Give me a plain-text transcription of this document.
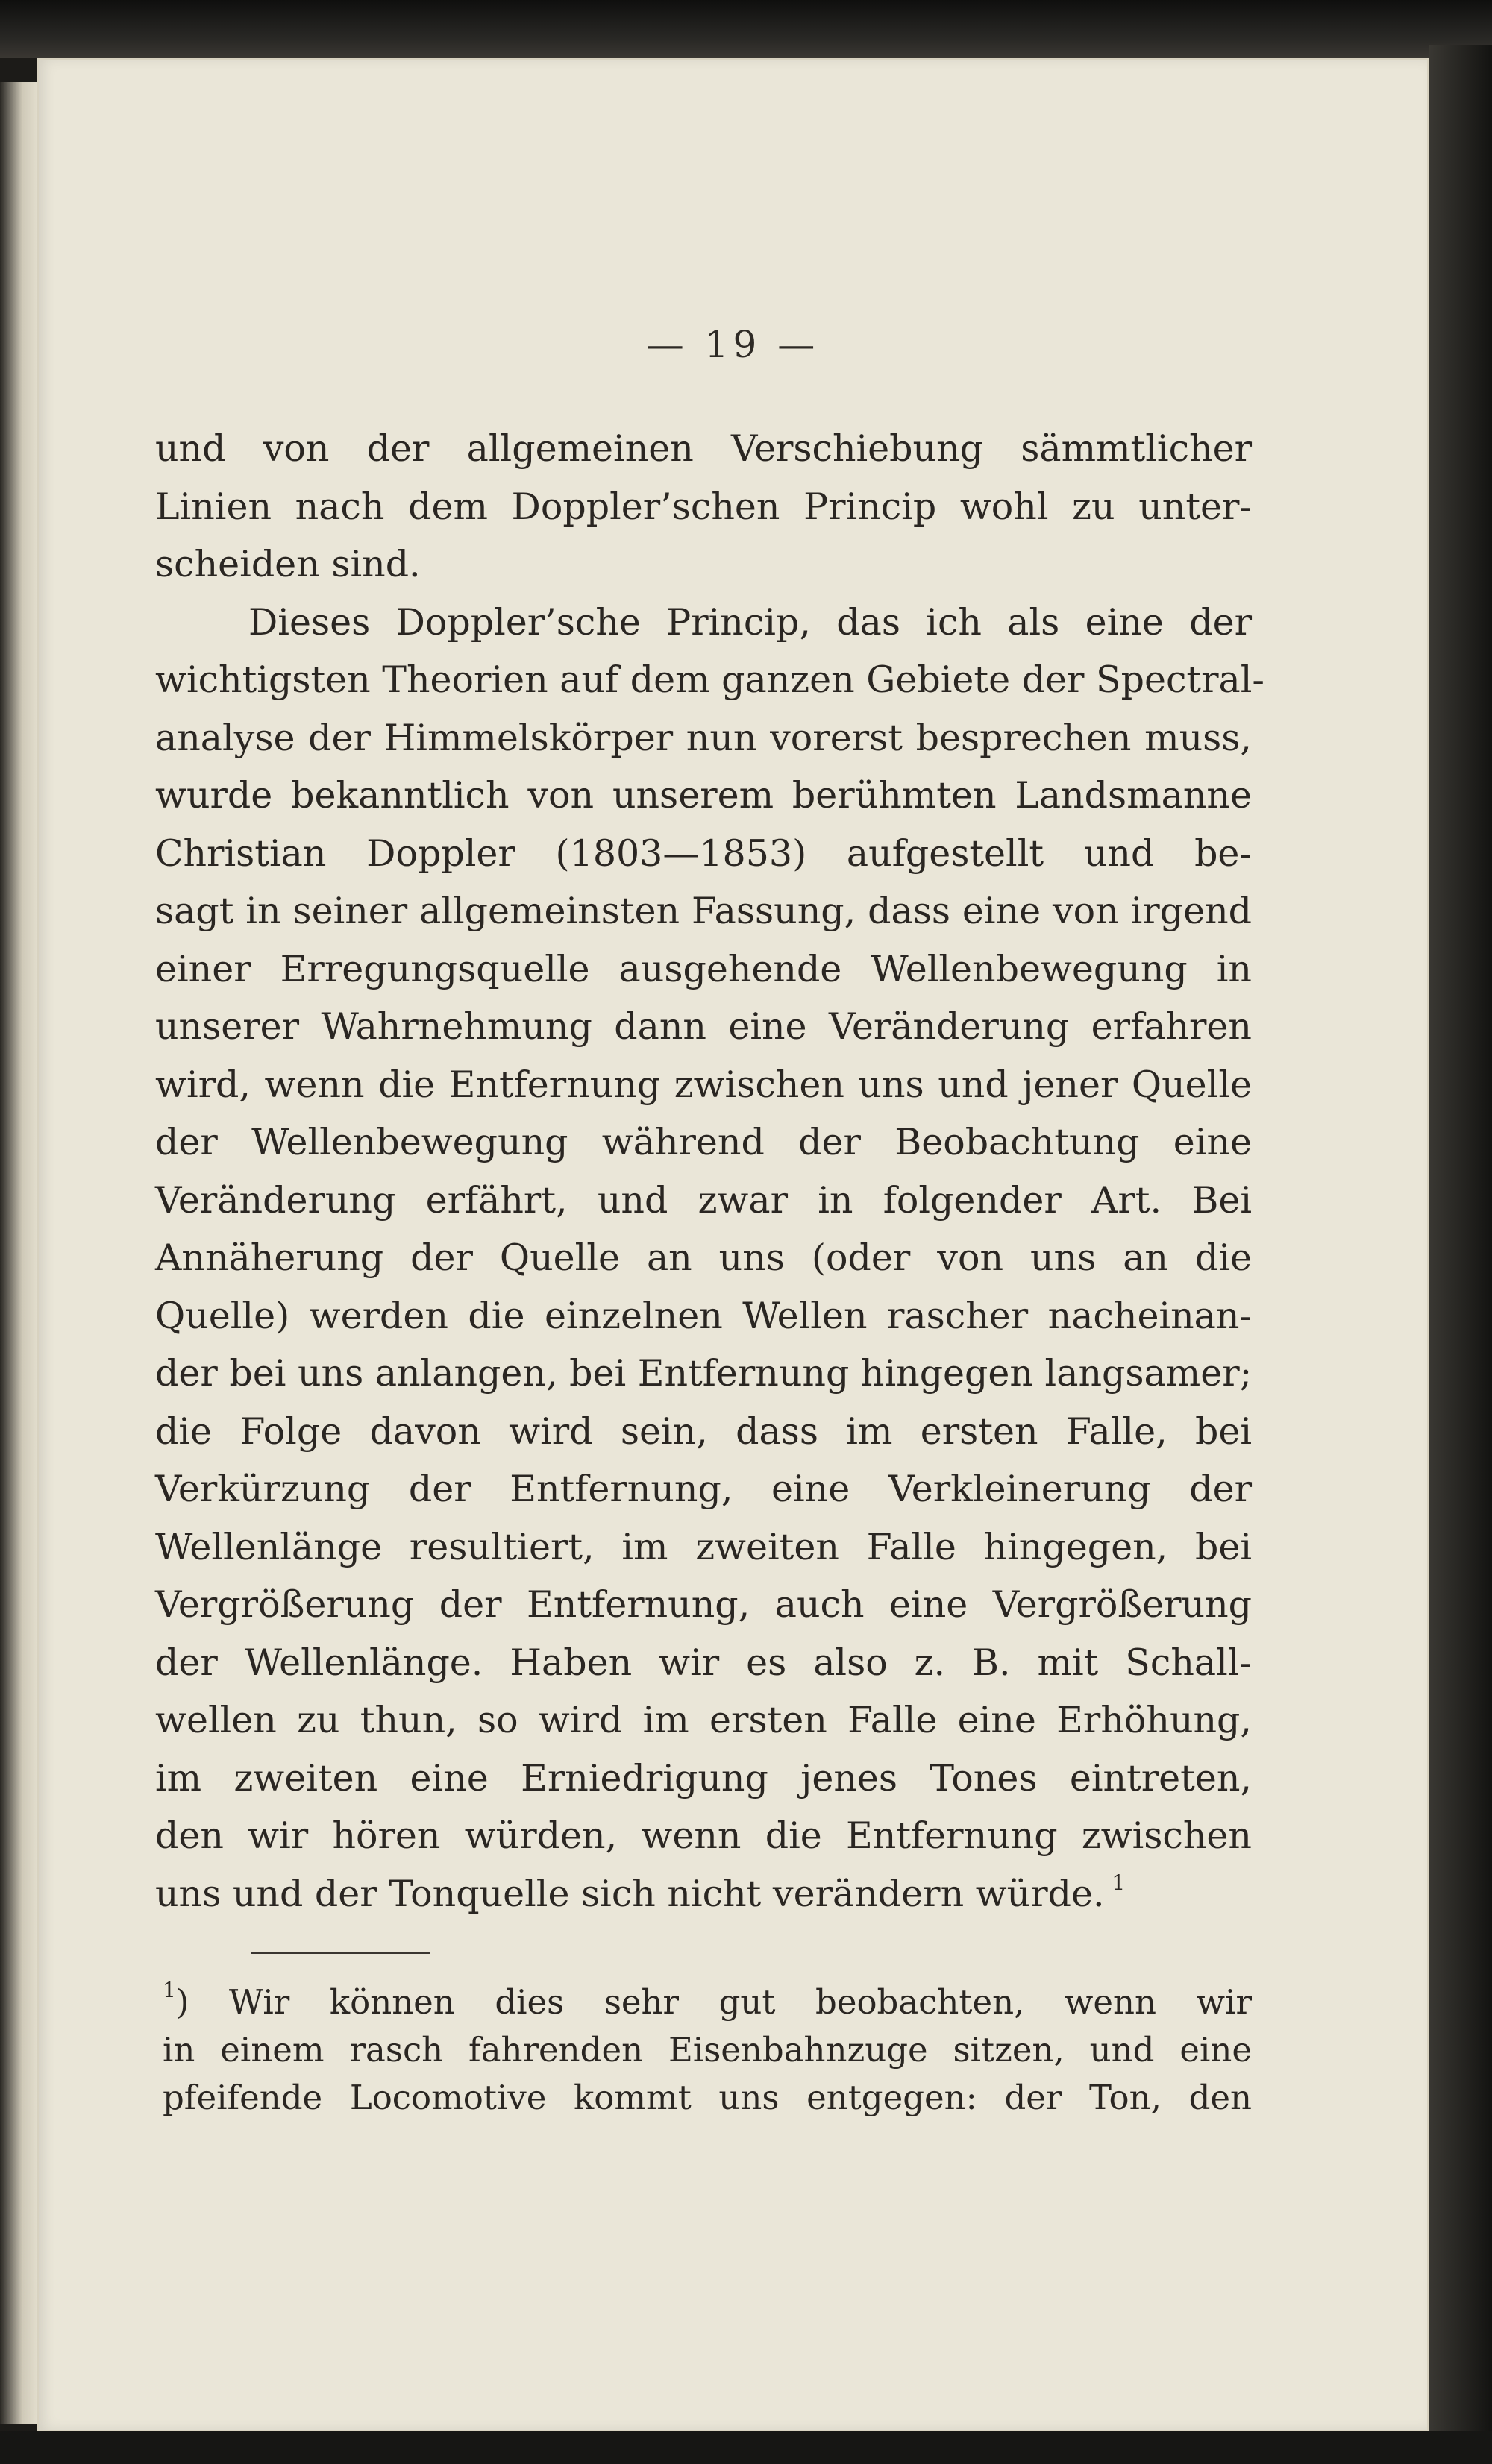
— 19 —
und von der allgemeinen Verschiebung sämmtlicher
Linien nach dem Doppler’schen Princip wohl zu unter-
scheiden sind.
Dieses Doppler’sche Princip, das ich als eine der
wichtigsten Theorien auf dem ganzen Gebiete der Spectral-
analyse der Himmelskörper nun vorerst besprechen muss,
wurde bekanntlich von unserem berühmten Landsmanne
Christian Doppler (1803—1853) aufgestellt und be-
sagt in seiner allgemeinsten Fassung, dass eine von irgend
einer Erregungsquelle ausgehende Wellenbewegung in
unserer Wahrnehmung dann eine Veränderung erfahren
wird, wenn die Entfernung zwischen uns und jener Quelle
der Wellenbewegung während der Beobachtung eine
Veränderung erfährt, und zwar in folgender Art. Bei
Annäherung der Quelle an uns (oder von uns an die
Quelle) werden die einzelnen Wellen rascher nacheinan-
der bei uns anlangen, bei Entfernung hingegen langsamer;
die Folge davon wird sein, dass im ersten Falle, bei
Verkürzung der Entfernung, eine Verkleinerung der
Wellenlänge resultiert, im zweiten Falle hingegen, bei
Vergrößerung der Entfernung, auch eine Vergrößerung
der Wellenlänge. Haben wir es also z. B. mit Schall-
wellen zu thun, so wird im ersten Falle eine Erhöhung,
im zweiten eine Erniedrigung jenes Tones eintreten,
den wir hören würden, wenn die Entfernung zwischen
uns und der Tonquelle sich nicht verändern würde.  $^1$
$^1$) Wir können dies sehr gut beobachten, wenn wir
in einem rasch fahrenden Eisenbahnzuge sitzen, und eine
pfeifende Locomotive kommt uns entgegen: der Ton, den
